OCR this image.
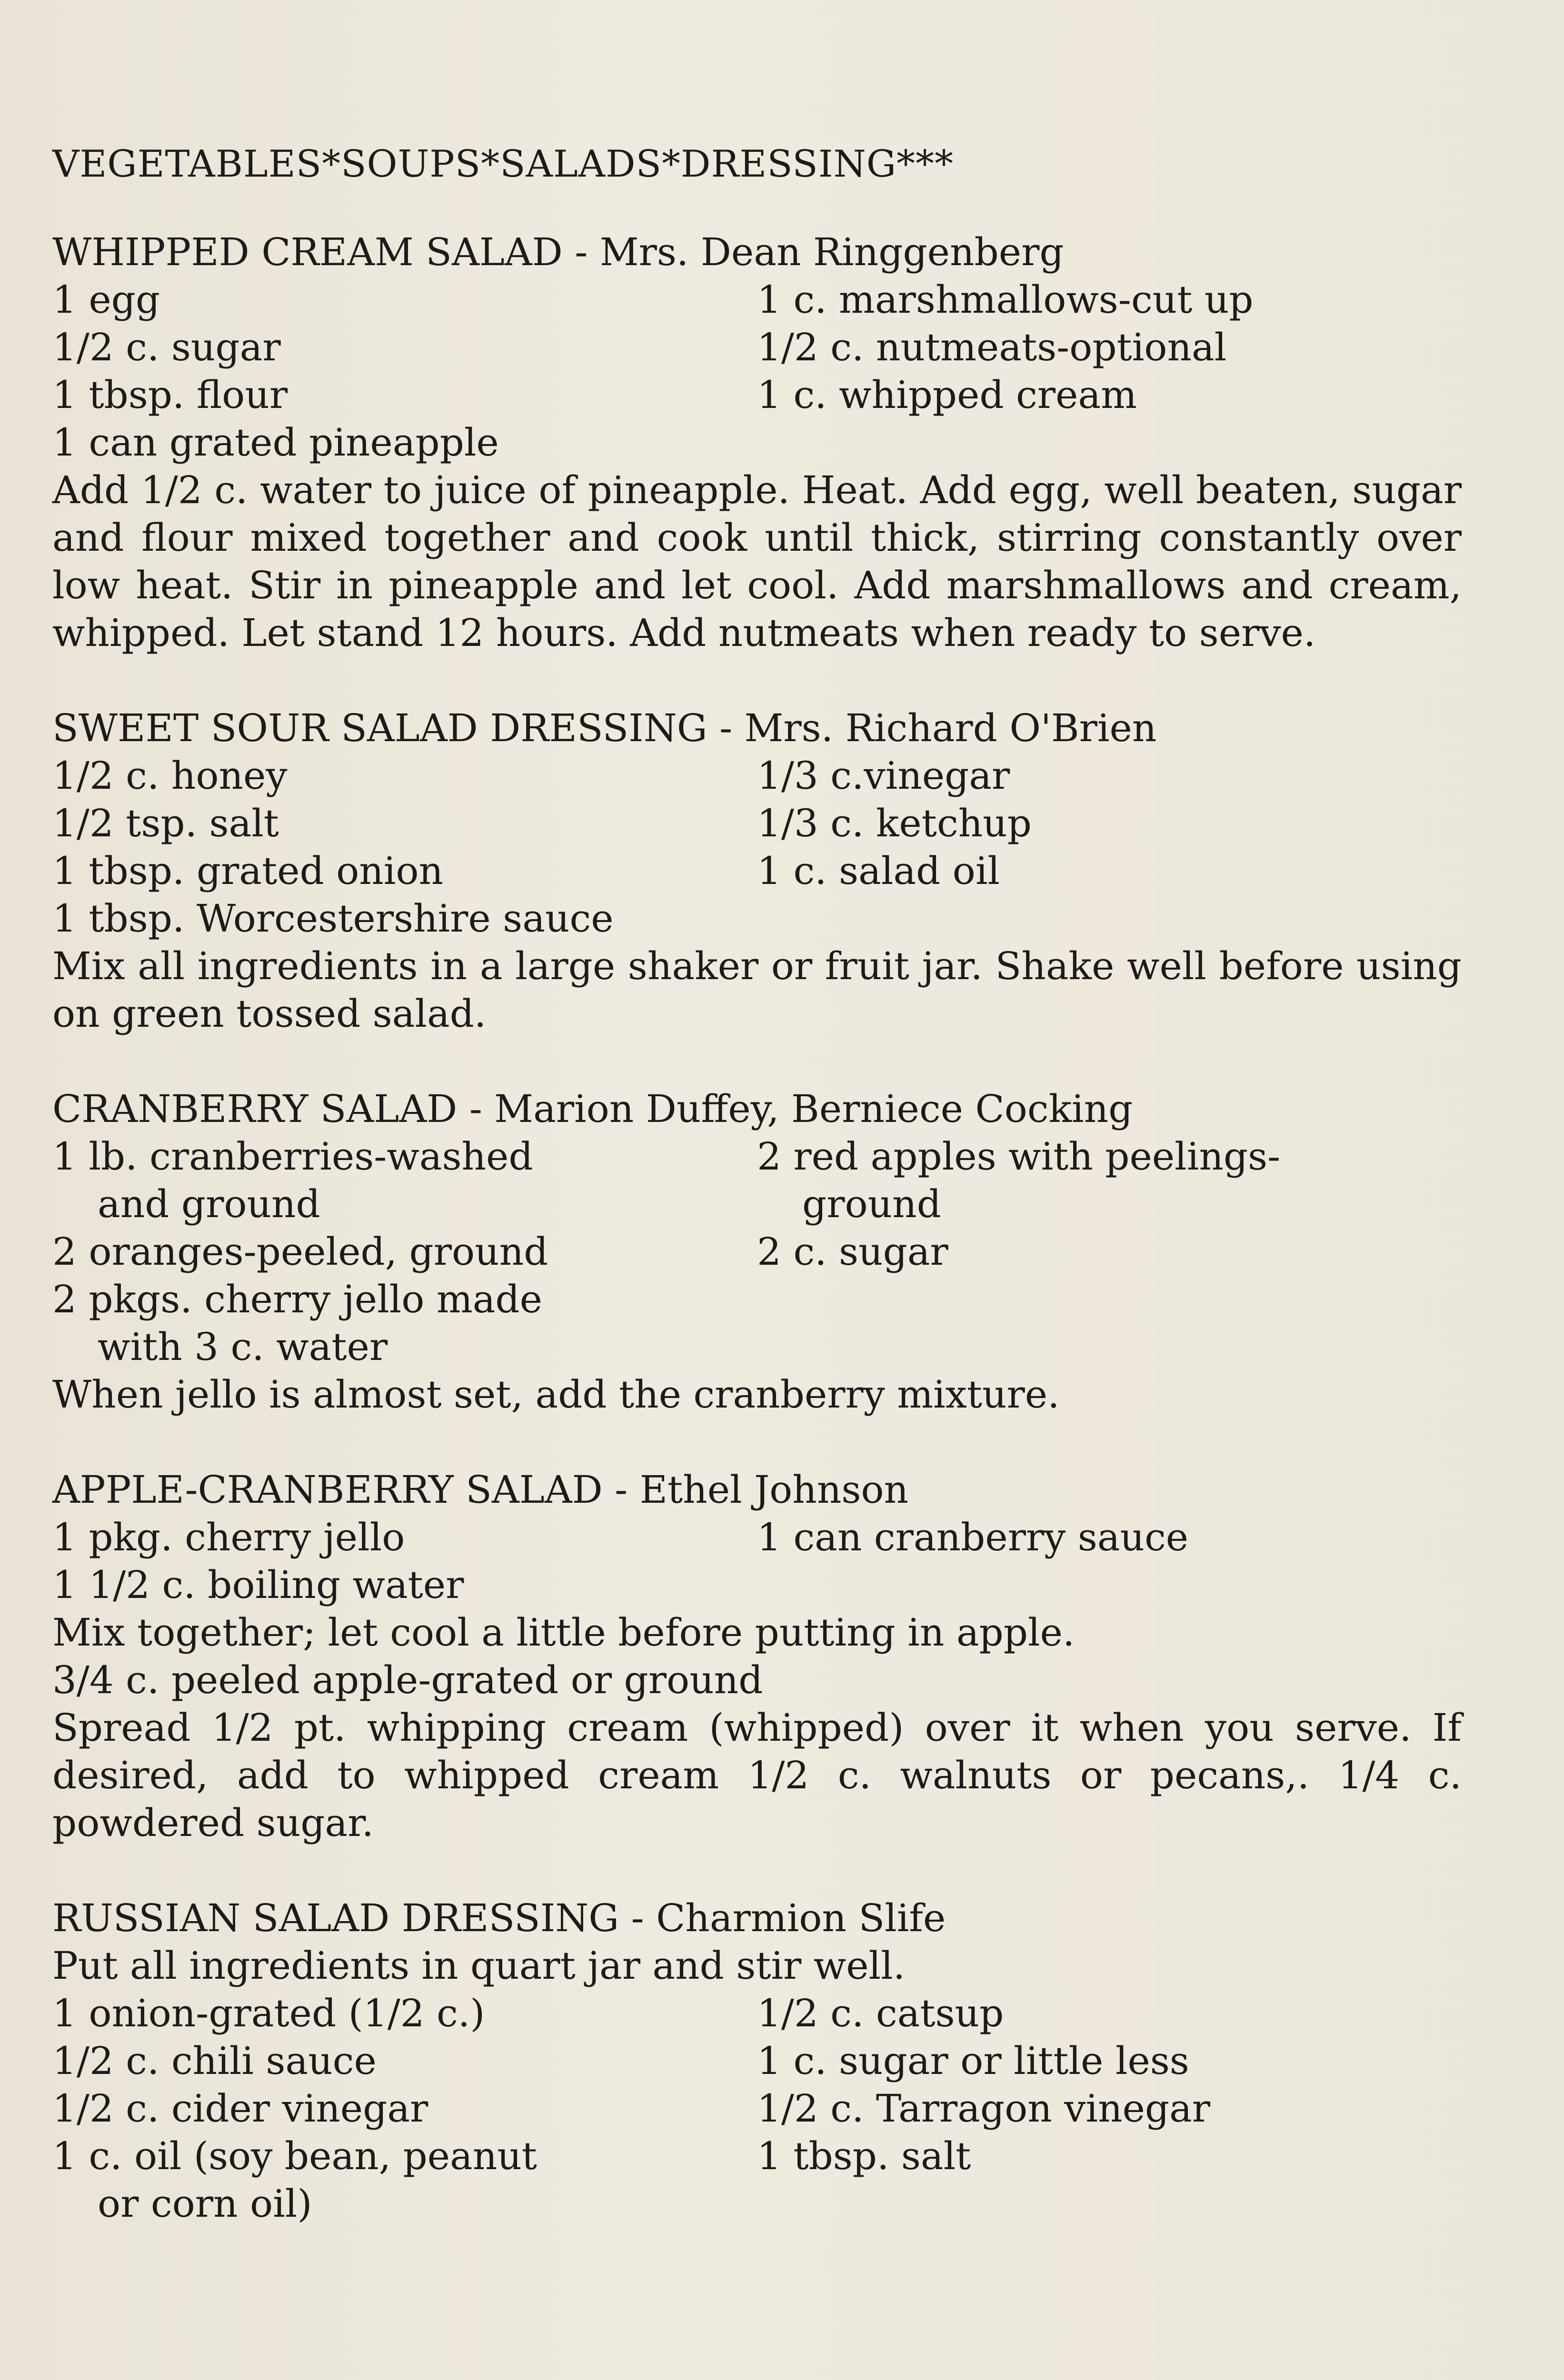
VEGETABLES*SOUPS*SALADS*DRESSING***
WHIPPED CREAM SALAD - Mrs. Dean Ringgenberg
1 egg	1 c. marshmallows-cut up
1/2 c. sugar	1/2 c. nutmeats-optional
1 tbsp. flour	1 c. whipped cream
1 can grated pineapple
Add 1/2 c. water to juice of pineapple. Heat. Add egg, well beaten, sugar and flour mixed together and cook until thick, stirring constantly over low heat. Stir in pineapple and let cool. Add marshmallows and cream, whipped. Let stand 12 hours. Add nutmeats when ready to serve.
SWEET SOUR SALAD DRESSING - Mrs. Richard O'Brien
1/2 c. honey	1/3 c.vinegar
1/2 tsp. salt	1/3 c. ketchup
1 tbsp. grated onion	1 c. salad oil
1 tbsp. Worcestershire sauce
Mix all ingredients in a large shaker or fruit jar. Shake well before using on green tossed salad.
CRANBERRY SALAD - Marion Duffey, Berniece Cocking
1 lb. cranberries-washed	2 red apples with peelings-
and ground	ground
2 oranges-peeled, ground	2 c. sugar
2 pkgs. cherry jello made
with 3 c. water
When jello is almost set, add the cranberry mixture.
APPLE-CRANBERRY SALAD - Ethel Johnson
1 pkg. cherry jello	1 can cranberry sauce
1 1/2 c. boiling water
Mix together; let cool a little before putting in apple.
3/4 c. peeled apple-grated or ground
Spread 1/2 pt. whipping cream (whipped) over it when you serve. If desired, add to whipped cream 1/2 c. walnuts or pecans,. 1/4 c. powdered sugar.
RUSSIAN SALAD DRESSING - Charmion Slife
Put all ingredients in quart jar and stir well.
1 onion-grated (1/2 c.)	1/2 c. catsup
1/2 c. chili sauce	1 c. sugar or little less
1/2 c. cider vinegar	1/2 c. Tarragon vinegar
1 c. oil (soy bean, peanut	1 tbsp. salt
or corn oil)
